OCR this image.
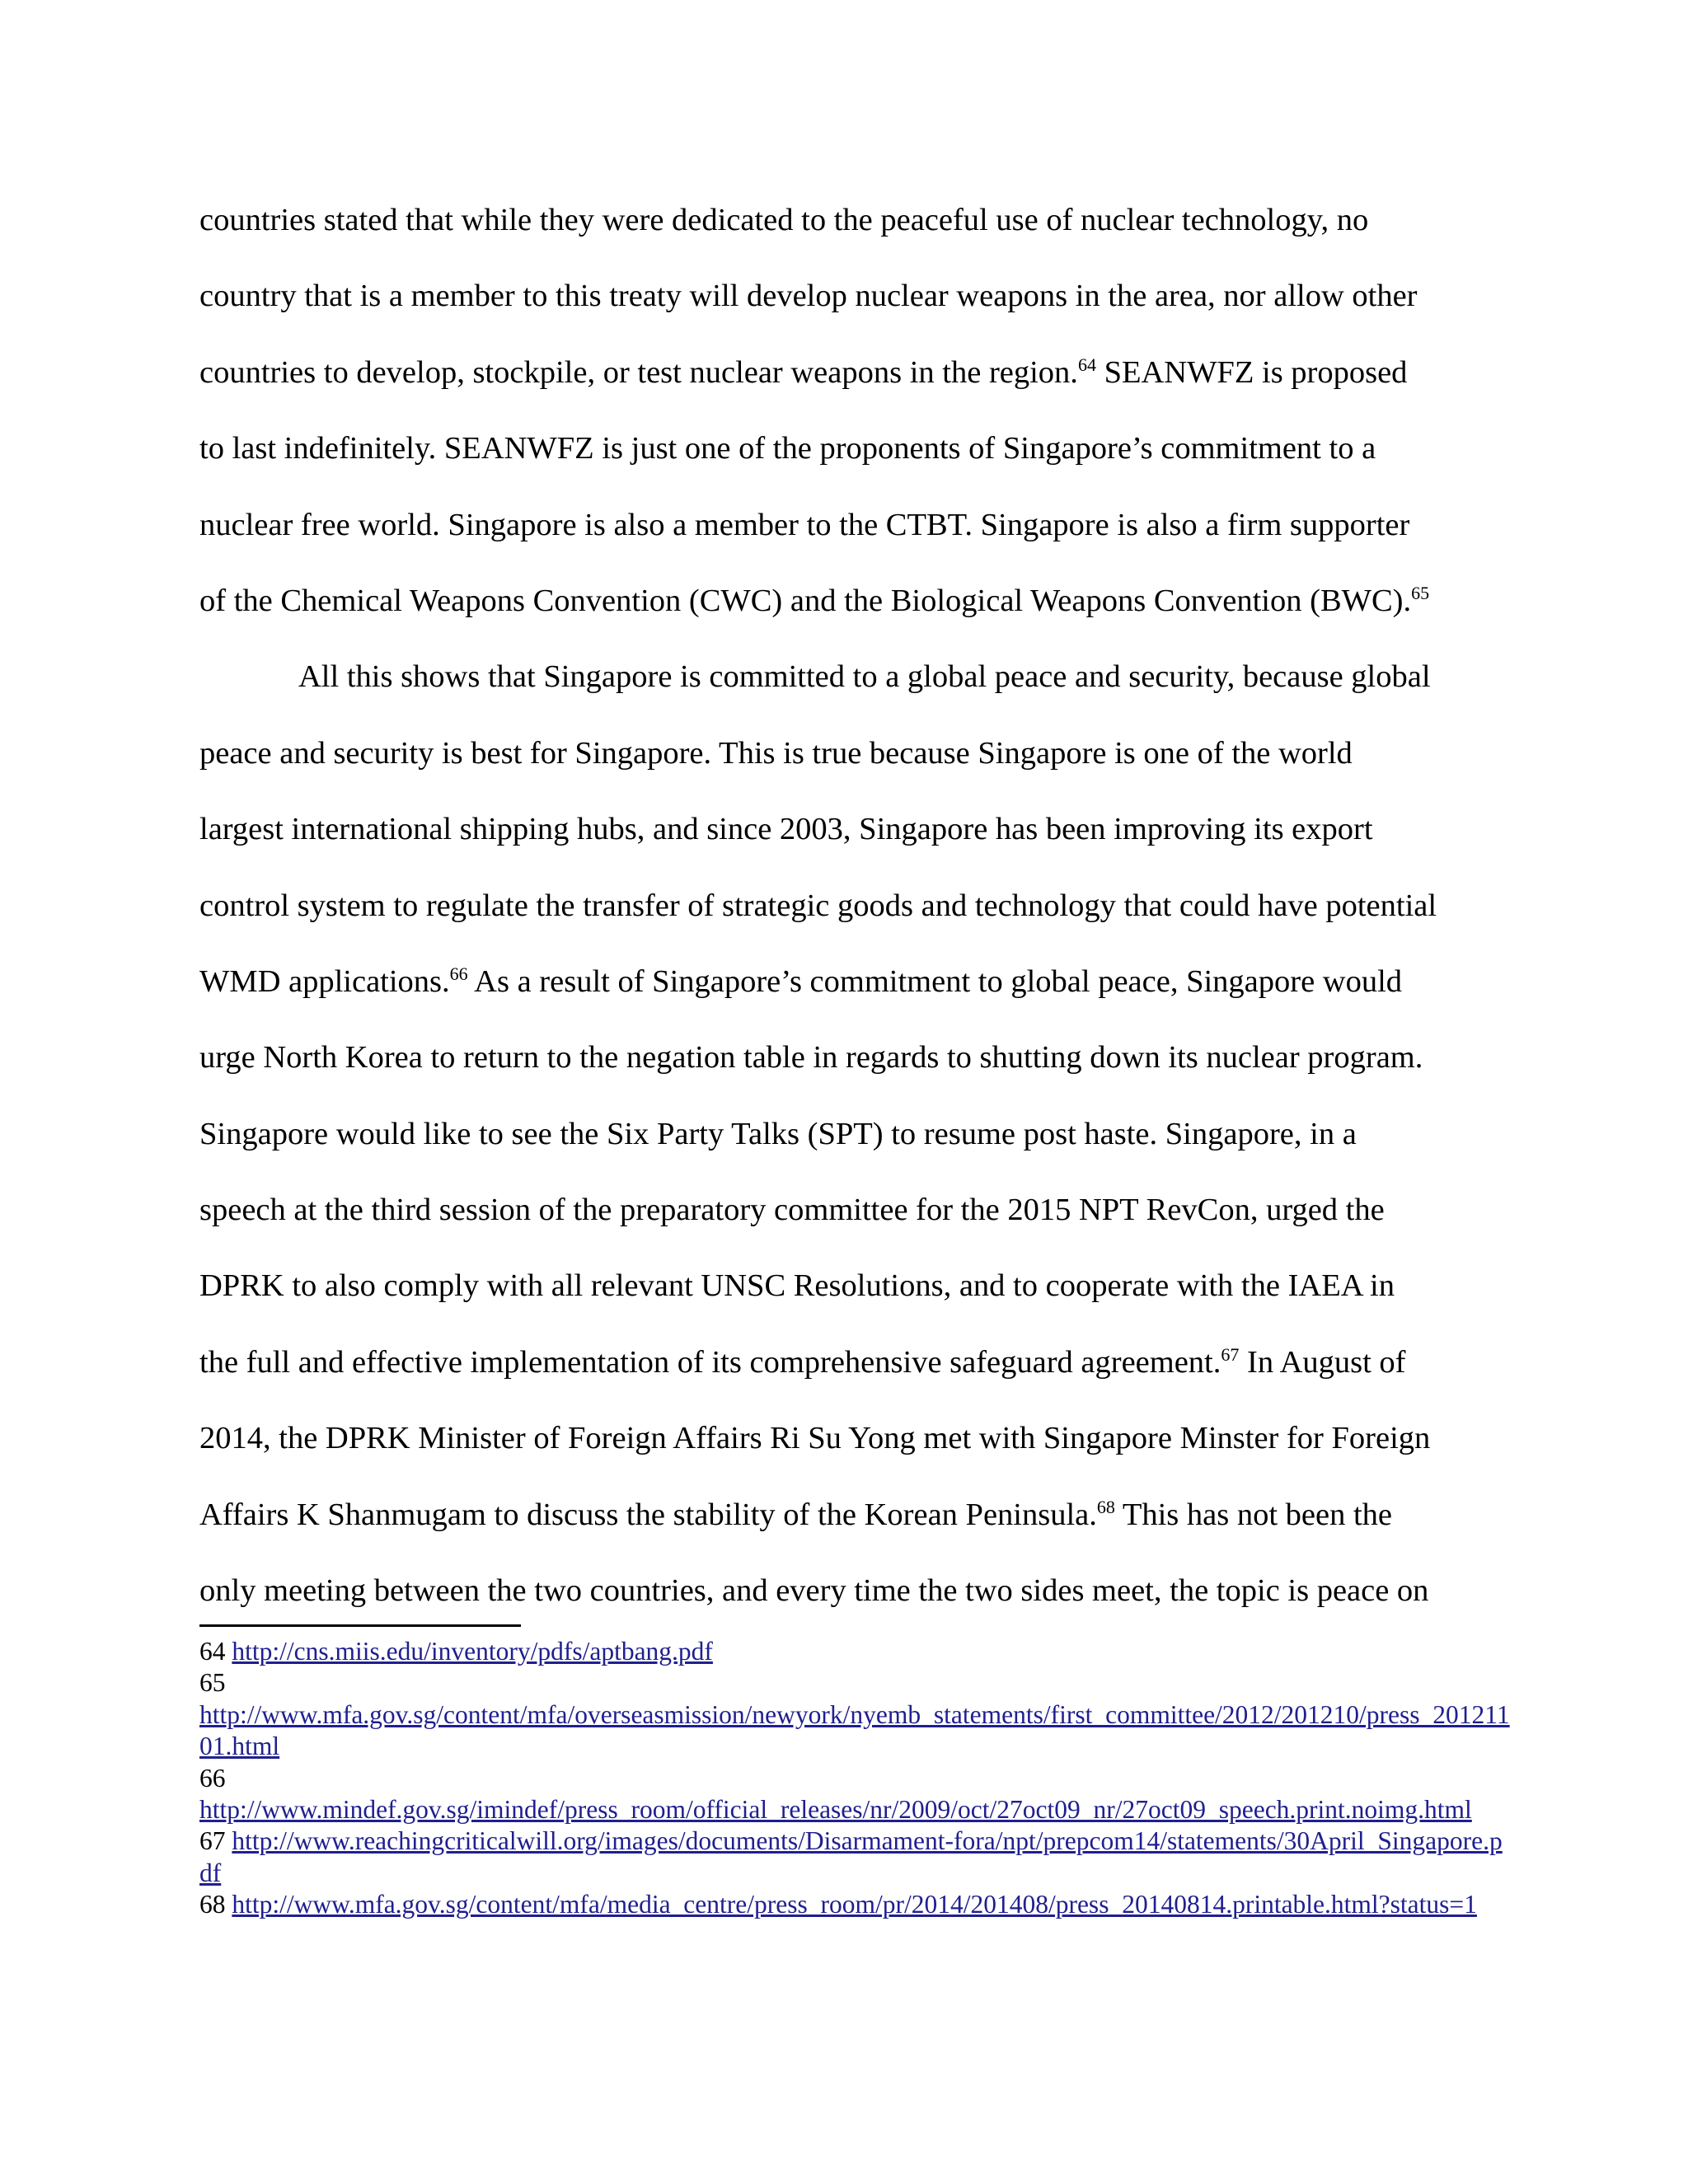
countries stated that while they were dedicated to the peaceful use of nuclear technology, no
country that is a member to this treaty will develop nuclear weapons in the area, nor allow other
countries to develop, stockpile, or test nuclear weapons in the region.$^{64}$ SEANWFZ is proposed
to last indefinitely. SEANWFZ is just one of the proponents of Singapore’s commitment to a
nuclear free world. Singapore is also a member to the CTBT. Singapore is also a firm supporter
of the Chemical Weapons Convention (CWC) and the Biological Weapons Convention (BWC).$^{65}$
All this shows that Singapore is committed to a global peace and security, because global
peace and security is best for Singapore. This is true because Singapore is one of the world
largest international shipping hubs, and since 2003, Singapore has been improving its export
control system to regulate the transfer of strategic goods and technology that could have potential
WMD applications.$^{66}$ As a result of Singapore’s commitment to global peace, Singapore would
urge North Korea to return to the negation table in regards to shutting down its nuclear program.
Singapore would like to see the Six Party Talks (SPT) to resume post haste. Singapore, in a
speech at the third session of the preparatory committee for the 2015 NPT RevCon, urged the
DPRK to also comply with all relevant UNSC Resolutions, and to cooperate with the IAEA in
the full and effective implementation of its comprehensive safeguard agreement.$^{67}$ In August of
2014, the DPRK Minister of Foreign Affairs Ri Su Yong met with Singapore Minster for Foreign
Affairs K Shanmugam to discuss the stability of the Korean Peninsula.$^{68}$ This has not been the
only meeting between the two countries, and every time the two sides meet, the topic is peace on
64 http://cns.miis.edu/inventory/pdfs/aptbang.pdf
65
http://www.mfa.gov.sg/content/mfa/overseasmission/newyork/nyemb_statements/first_committee/2012/201210/press_20121101.html
66
http://www.mindef.gov.sg/imindef/press_room/official_releases/nr/2009/oct/27oct09_nr/27oct09_speech.print.noimg.html
67 http://www.reachingcriticalwill.org/images/documents/Disarmament-fora/npt/prepcom14/statements/30April_Singapore.pdf
68 http://www.mfa.gov.sg/content/mfa/media_centre/press_room/pr/2014/201408/press_20140814.printable.html?status=1
